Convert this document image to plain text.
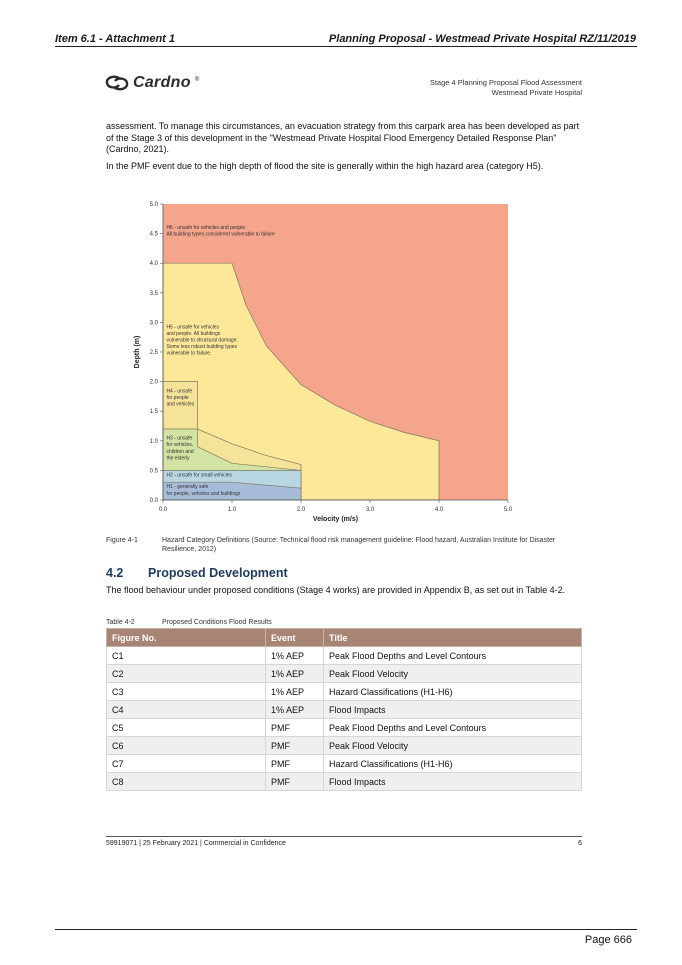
Item 6.1 - Attachment 1	Planning Proposal - Westmead Private Hospital RZ/11/2019
Cardno ®	Stage 4 Planning Proposal Flood Assessment
Westmead Private Hospital
assessment. To manage this circumstances, an evacuation strategy from this carpark area has been developed as part of the Stage 3 of this development in the "Westmead Private Hospital Flood Emergency Detailed Response Plan" (Cardno, 2021).
In the PMF event due to the high depth of flood the site is generally within the high hazard area (category H5).
0.0	1.0	2.0	3.0	4.0	5.0
0.0
0.5
1.0
1.5
2.0
2.5
3.0
3.5
4.0
4.5
5.0
Velocity (m/s)
Depth (m)
H6 - unsafe for vehicles and people.
All building types considered vulnerable to failure
H5 - unsafe for vehicles
and people. All buildings
vulnerable to structural damage.
Some less robust building types
vulnerable to failure.
H4 - unsafe
for people
and vehicles
H3 - unsafe
for vehicles,
children and
the elderly
H2 - unsafe for small vehicles
H1 - generally safe
for people, vehicles and buildings
Figure 4-1	Hazard Category Definitions (Source: Technical flood risk management guideline: Flood hazard, Australian Institute for Disaster Resilience, 2012)
4.2 Proposed Development
The flood behaviour under proposed conditions (Stage 4 works) are provided in Appendix B, as set out in Table 4-2.
Table 4-2	Proposed Conditions Flood Results
Figure No.	Event	Title
C1	1% AEP	Peak Flood Depths and Level Contours
C2	1% AEP	Peak Flood Velocity
C3	1% AEP	Hazard Classifications (H1-H6)
C4	1% AEP	Flood Impacts
C5	PMF	Peak Flood Depths and Level Contours
C6	PMF	Peak Flood Velocity
C7	PMF	Hazard Classifications (H1-H6)
C8	PMF	Flood Impacts
59919071 | 25 February 2021 | Commercial in Confidence	6
Page 666
